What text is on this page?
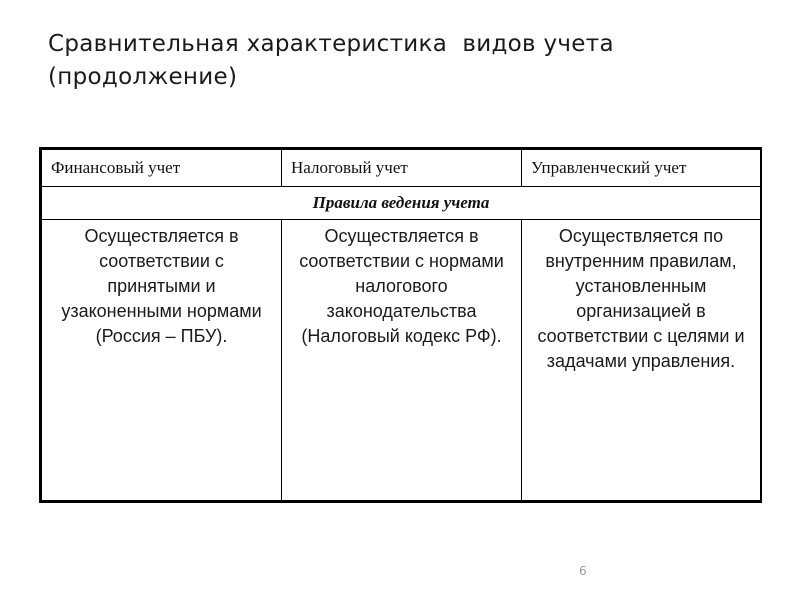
Сравнительная характеристика  видов учета
(продолжение)
Финансовый учет	Налоговый учет	Управленческий учет
Правила ведения учета		
Осуществляется в соответствии с принятыми и узаконенными нормами (Россия – ПБУ).	Осуществляется в соответствии с нормами налогового законодательства (Налоговый кодекс РФ).	Осуществляется по внутренним правилам, установленным организацией в соответствии с целями и задачами управления.
6
